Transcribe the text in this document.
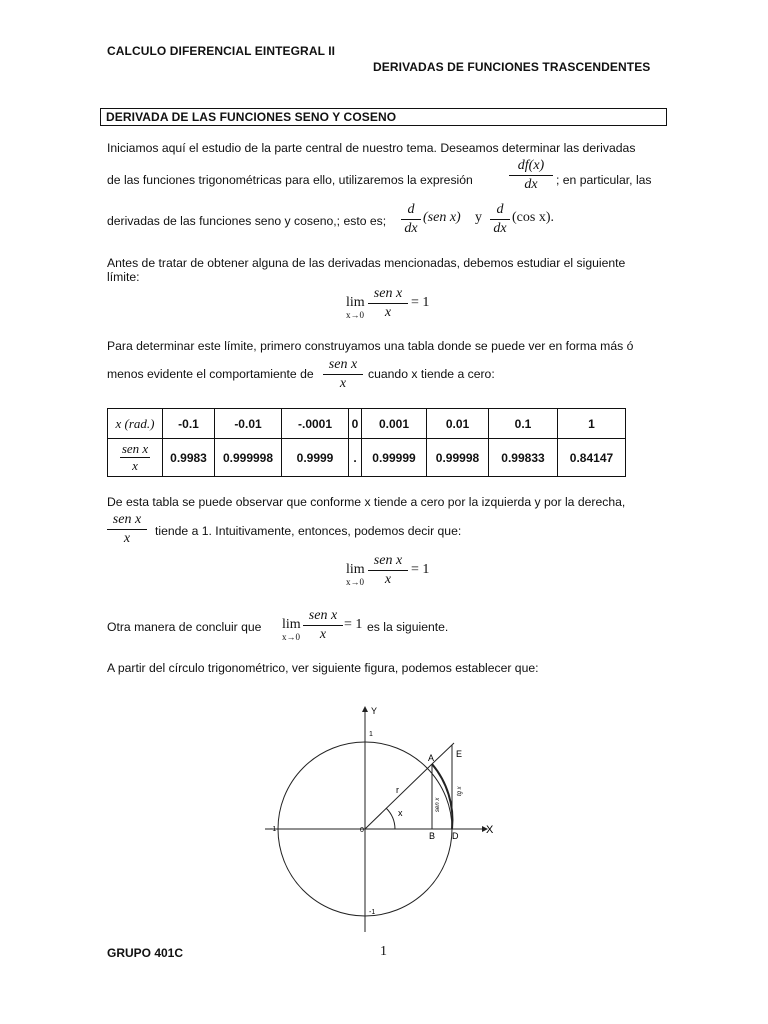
CALCULO DIFERENCIAL EINTEGRAL II
DERIVADAS DE FUNCIONES TRASCENDENTES
DERIVADA DE LAS FUNCIONES SENO Y COSENO
Iniciamos aquí el estudio de la parte central de nuestro tema. Deseamos determinar las derivadas
de las funciones trigonométricas para ello, utilizaremos la expresión	$\frac{df(x)}{dx}$ ; en particular, las
derivadas de las funciones seno y coseno,; esto es; $\frac{d}{dx} (sen$ x) y $\frac{d}{dx} (\cos$ x).
Antes de tratar de obtener alguna de las derivadas mencionadas, debemos estudiar el siguiente
límite:
lim
x→0
sen x
x
= 1
Para determinar este límite, primero construyamos una tabla donde se puede ver en forma más ó
menos evidente el comportamiente de
sen x
x
cuando x tiende a cero:
x (rad.)	-0.1	-0.01	-.0001	0	0.001	0.01	0.1	1

sen x
x	0.9983	0.999998	0.9999	.	0.99999	0.99998	0.99833	0.84147
De esta tabla se puede observar que conforme x tiende a cero por la izquierda y por la derecha,
sen x
x	tiende a 1. Intuitivamente, entonces, podemos decir que:
lim
x→0
sen x
x
= 1
Otra manera de concluir que lim
x→0
sen x
x
= 1 es la siguiente.
A partir del círculo trigonométrico, ver siguiente figura, podemos establecer que:
Y
X
1
-1
-1	0
A E
B D
r
x
sen x
tg x
GRUPO 401C	1
